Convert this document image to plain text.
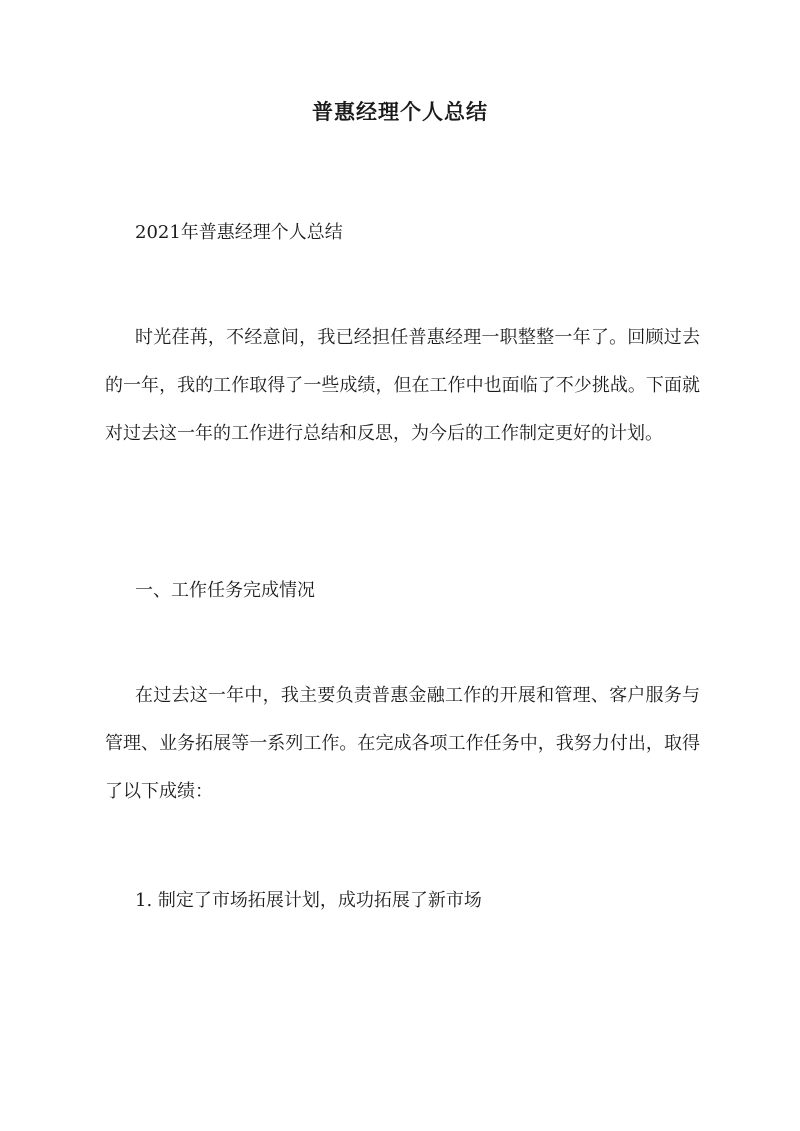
普惠经理个人总结
2021年普惠经理个人总结
时光荏苒，不经意间，我已经担任普惠经理一职整整一年了。回顾过去的一年，我的工作取得了一些成绩，但在工作中也面临了不少挑战。下面就对过去这一年的工作进行总结和反思，为今后的工作制定更好的计划。
一、工作任务完成情况
在过去这一年中，我主要负责普惠金融工作的开展和管理、客户服务与管理、业务拓展等一系列工作。在完成各项工作任务中，我努力付出，取得了以下成绩：
1. 制定了市场拓展计划，成功拓展了新市场
